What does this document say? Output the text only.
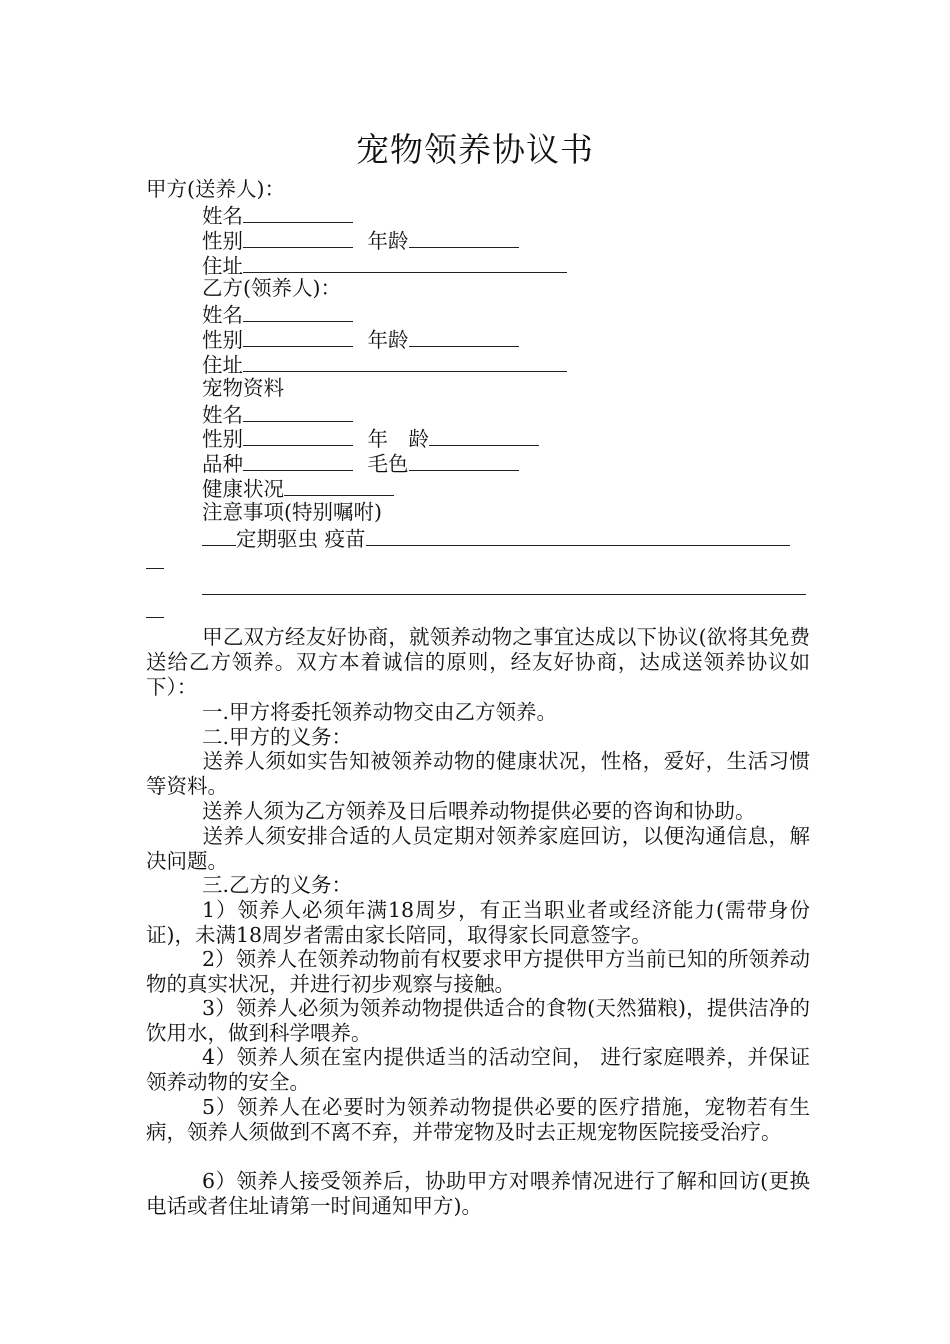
宠物领养协议书
甲方(送养人)：
姓名
性别	年龄
住址
乙方(领养人)：
姓名
性别	年龄
住址
宠物资料
姓名
性别	年　龄
品种	毛色
健康状况
注意事项(特别嘱咐)
定期驱虫 疫苗

甲乙双方经友好协商，就领养动物之事宜达成以下协议(欲将其免费送给乙方领养。双方本着诚信的原则，经友好协商，达成送领养协议如下）：

一.甲方将委托领养动物交由乙方领养。
二.甲方的义务：

送养人须如实告知被领养动物的健康状况，性格，爱好，生活习惯等资料。

送养人须为乙方领养及日后喂养动物提供必要的咨询和协助。

送养人须安排合适的人员定期对领养家庭回访，以便沟通信息，解决问题。

三.乙方的义务：

1）领养人必须年满18周岁，有正当职业者或经济能力(需带身份证)，未满18周岁者需由家长陪同，取得家长同意签字。

2）领养人在领养动物前有权要求甲方提供甲方当前已知的所领养动物的真实状况，并进行初步观察与接触。

3）领养人必须为领养动物提供适合的食物(天然猫粮)，提供洁净的饮用水，做到科学喂养。

4）领养人须在室内提供适当的活动空间， 进行家庭喂养，并保证领养动物的安全。

5）领养人在必要时为领养动物提供必要的医疗措施，宠物若有生病，领养人须做到不离不弃，并带宠物及时去正规宠物医院接受治疗。

6）领养人接受领养后，协助甲方对喂养情况进行了解和回访(更换电话或者住址请第一时间通知甲方)。
